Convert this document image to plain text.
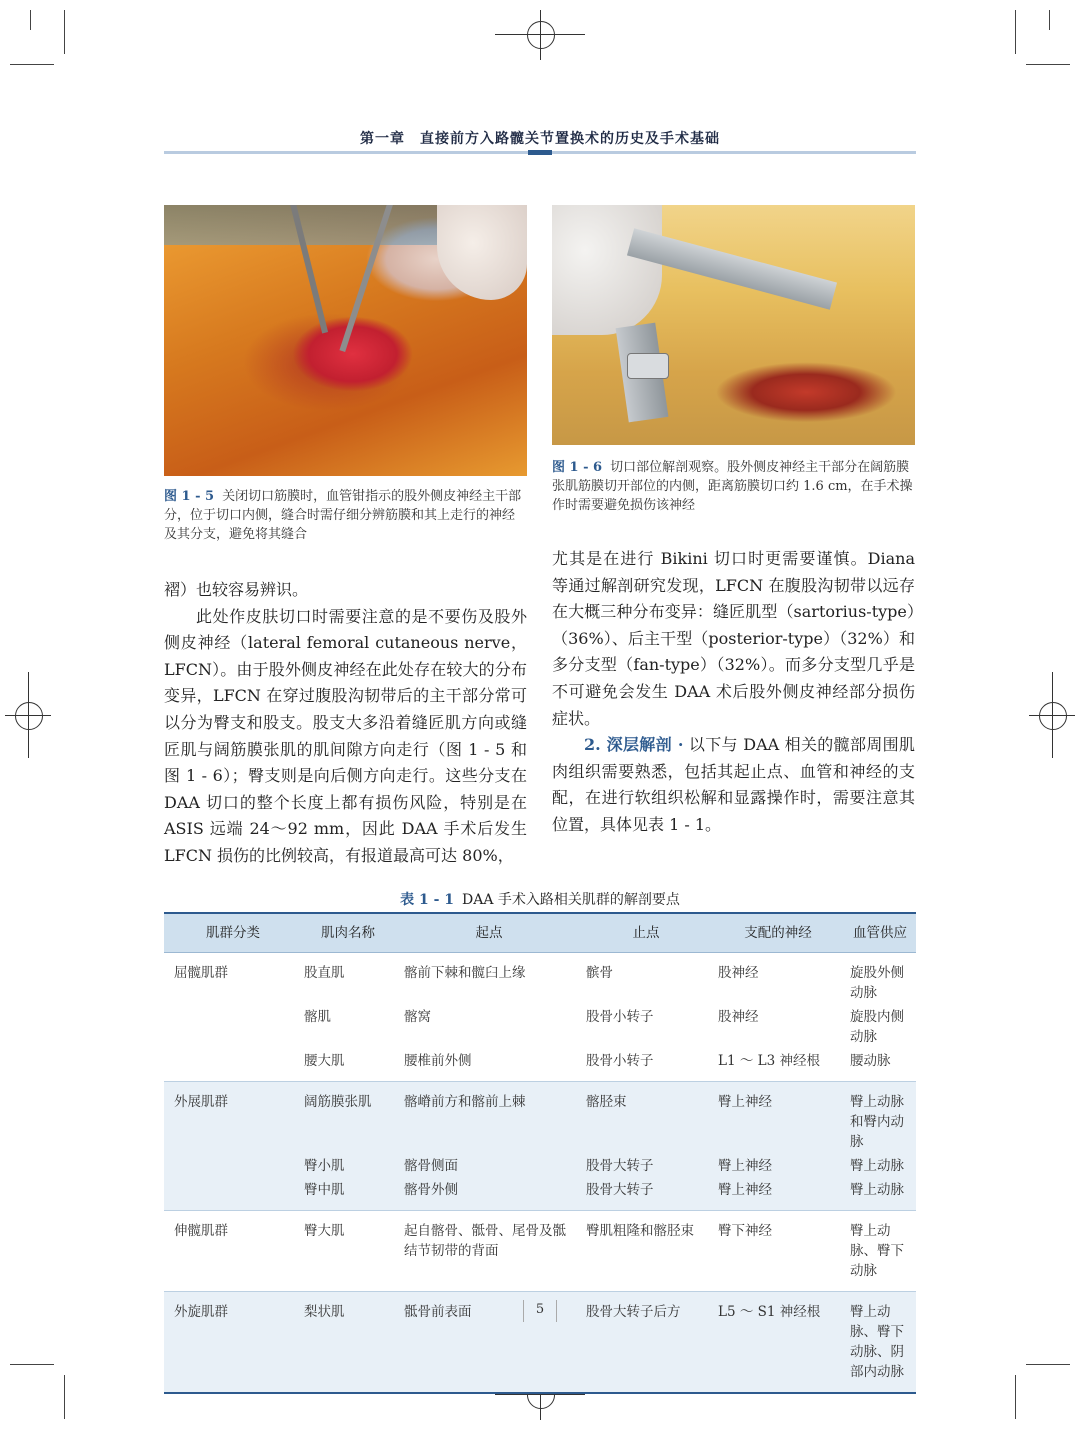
第一章　直接前方入路髋关节置换术的历史及手术基础
图 1 - 5 关闭切口筋膜时，血管钳指示的股外侧皮神经主干部分，位于切口内侧，缝合时需仔细分辨筋膜和其上走行的神经及其分支，避免将其缝合
图 1 - 6 切口部位解剖观察。股外侧皮神经主干部分在阔筋膜张肌筋膜切开部位的内侧，距离筋膜切口约 1.6 cm，在手术操作时需要避免损伤该神经

褶）也较容易辨识。

此处作皮肤切口时需要注意的是不要伤及股外侧皮神经（lateral femoral cutaneous nerve，LFCN）。由于股外侧皮神经在此处存在较大的分布变异，LFCN 在穿过腹股沟韧带后的主干部分常可以分为臀支和股支。股支大多沿着缝匠肌方向或缝匠肌与阔筋膜张肌的肌间隙方向走行（图 1 - 5 和图 1 - 6）；臀支则是向后侧方向走行。这些分支在 DAA 切口的整个长度上都有损伤风险，特别是在 ASIS 远端 24～92 mm，因此 DAA 手术后发生 LFCN 损伤的比例较高，有报道最高可达 80%，

尤其是在进行 Bikini 切口时更需要谨慎。Diana 等通过解剖研究发现，LFCN 在腹股沟韧带以远存在大概三种分布变异：缝匠肌型（sartorius-type）（36%）、后主干型（posterior-type）（32%）和多分支型（fan-type）（32%）。而多分支型几乎是不可避免会发生 DAA 术后股外侧皮神经部分损伤症状。

2. 深层解剖 · 以下与 DAA 相关的髋部周围肌肉组织需要熟悉，包括其起止点、血管和神经的支配，在进行软组织松解和显露操作时，需要注意其位置，具体见表 1 - 1。

表 1 - 1 DAA 手术入路相关肌群的解剖要点
肌群分类	肌肉名称	起点	止点	支配的神经	血管供应
屈髋肌群	股直肌	髂前下棘和髋臼上缘	髌骨	股神经	旋股外侧动脉
	髂肌	髂窝	股骨小转子	股神经	旋股内侧动脉
	腰大肌	腰椎前外侧	股骨小转子	L1 ～ L3 神经根	腰动脉
外展肌群	阔筋膜张肌	髂嵴前方和髂前上棘	髂胫束	臀上神经	臀上动脉和臀内动脉
	臀小肌	髂骨侧面	股骨大转子	臀上神经	臀上动脉
	臀中肌	髂骨外侧	股骨大转子	臀上神经	臀上动脉
伸髋肌群	臀大肌	起自髂骨、骶骨、尾骨及骶结节韧带的背面	臀肌粗隆和髂胫束	臀下神经	臀上动脉、臀下动脉
外旋肌群	梨状肌	骶骨前表面	股骨大转子后方	L5 ～ S1 神经根	臀上动脉、臀下动脉、阴部内动脉
5
